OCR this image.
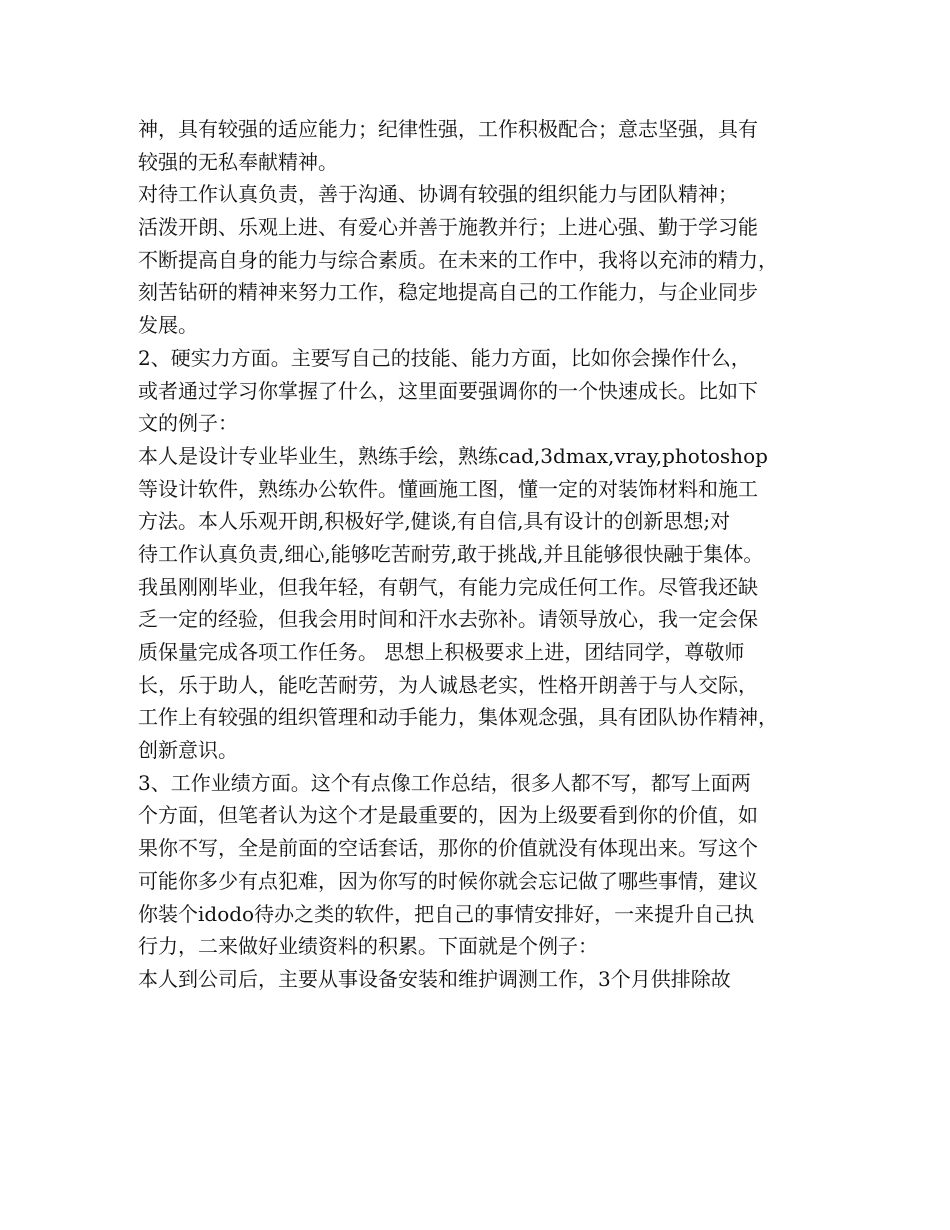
神，具有较强的适应能力；纪律性强，工作积极配合；意志坚强，具有

较强的无私奉献精神。

对待工作认真负责，善于沟通、协调有较强的组织能力与团队精神；

活泼开朗、乐观上进、有爱心并善于施教并行；上进心强、勤于学习能

不断提高自身的能力与综合素质。在未来的工作中，我将以充沛的精力，

刻苦钻研的精神来努力工作，稳定地提高自己的工作能力，与企业同步

发展。

2、硬实力方面。主要写自己的技能、能力方面，比如你会操作什么，

或者通过学习你掌握了什么，这里面要强调你的一个快速成长。比如下

文的例子：

本人是设计专业毕业生，熟练手绘，熟练cad,3dmax,vray,photoshop

等设计软件，熟练办公软件。懂画施工图，懂一定的对装饰材料和施工

方法。本人乐观开朗,积极好学,健谈,有自信,具有设计的创新思想;对

待工作认真负责,细心,能够吃苦耐劳,敢于挑战,并且能够很快融于集体。

我虽刚刚毕业，但我年轻，有朝气，有能力完成任何工作。尽管我还缺

乏一定的经验，但我会用时间和汗水去弥补。请领导放心，我一定会保

质保量完成各项工作任务。 思想上积极要求上进，团结同学，尊敬师

长，乐于助人，能吃苦耐劳，为人诚恳老实，性格开朗善于与人交际，

工作上有较强的组织管理和动手能力，集体观念强，具有团队协作精神，

创新意识。

3、工作业绩方面。这个有点像工作总结，很多人都不写，都写上面两

个方面，但笔者认为这个才是最重要的，因为上级要看到你的价值，如

果你不写，全是前面的空话套话，那你的价值就没有体现出来。写这个

可能你多少有点犯难，因为你写的时候你就会忘记做了哪些事情，建议

你装个idodo待办之类的软件，把自己的事情安排好，一来提升自己执

行力，二来做好业绩资料的积累。下面就是个例子：

本人到公司后，主要从事设备安装和维护调测工作，3个月供排除故
